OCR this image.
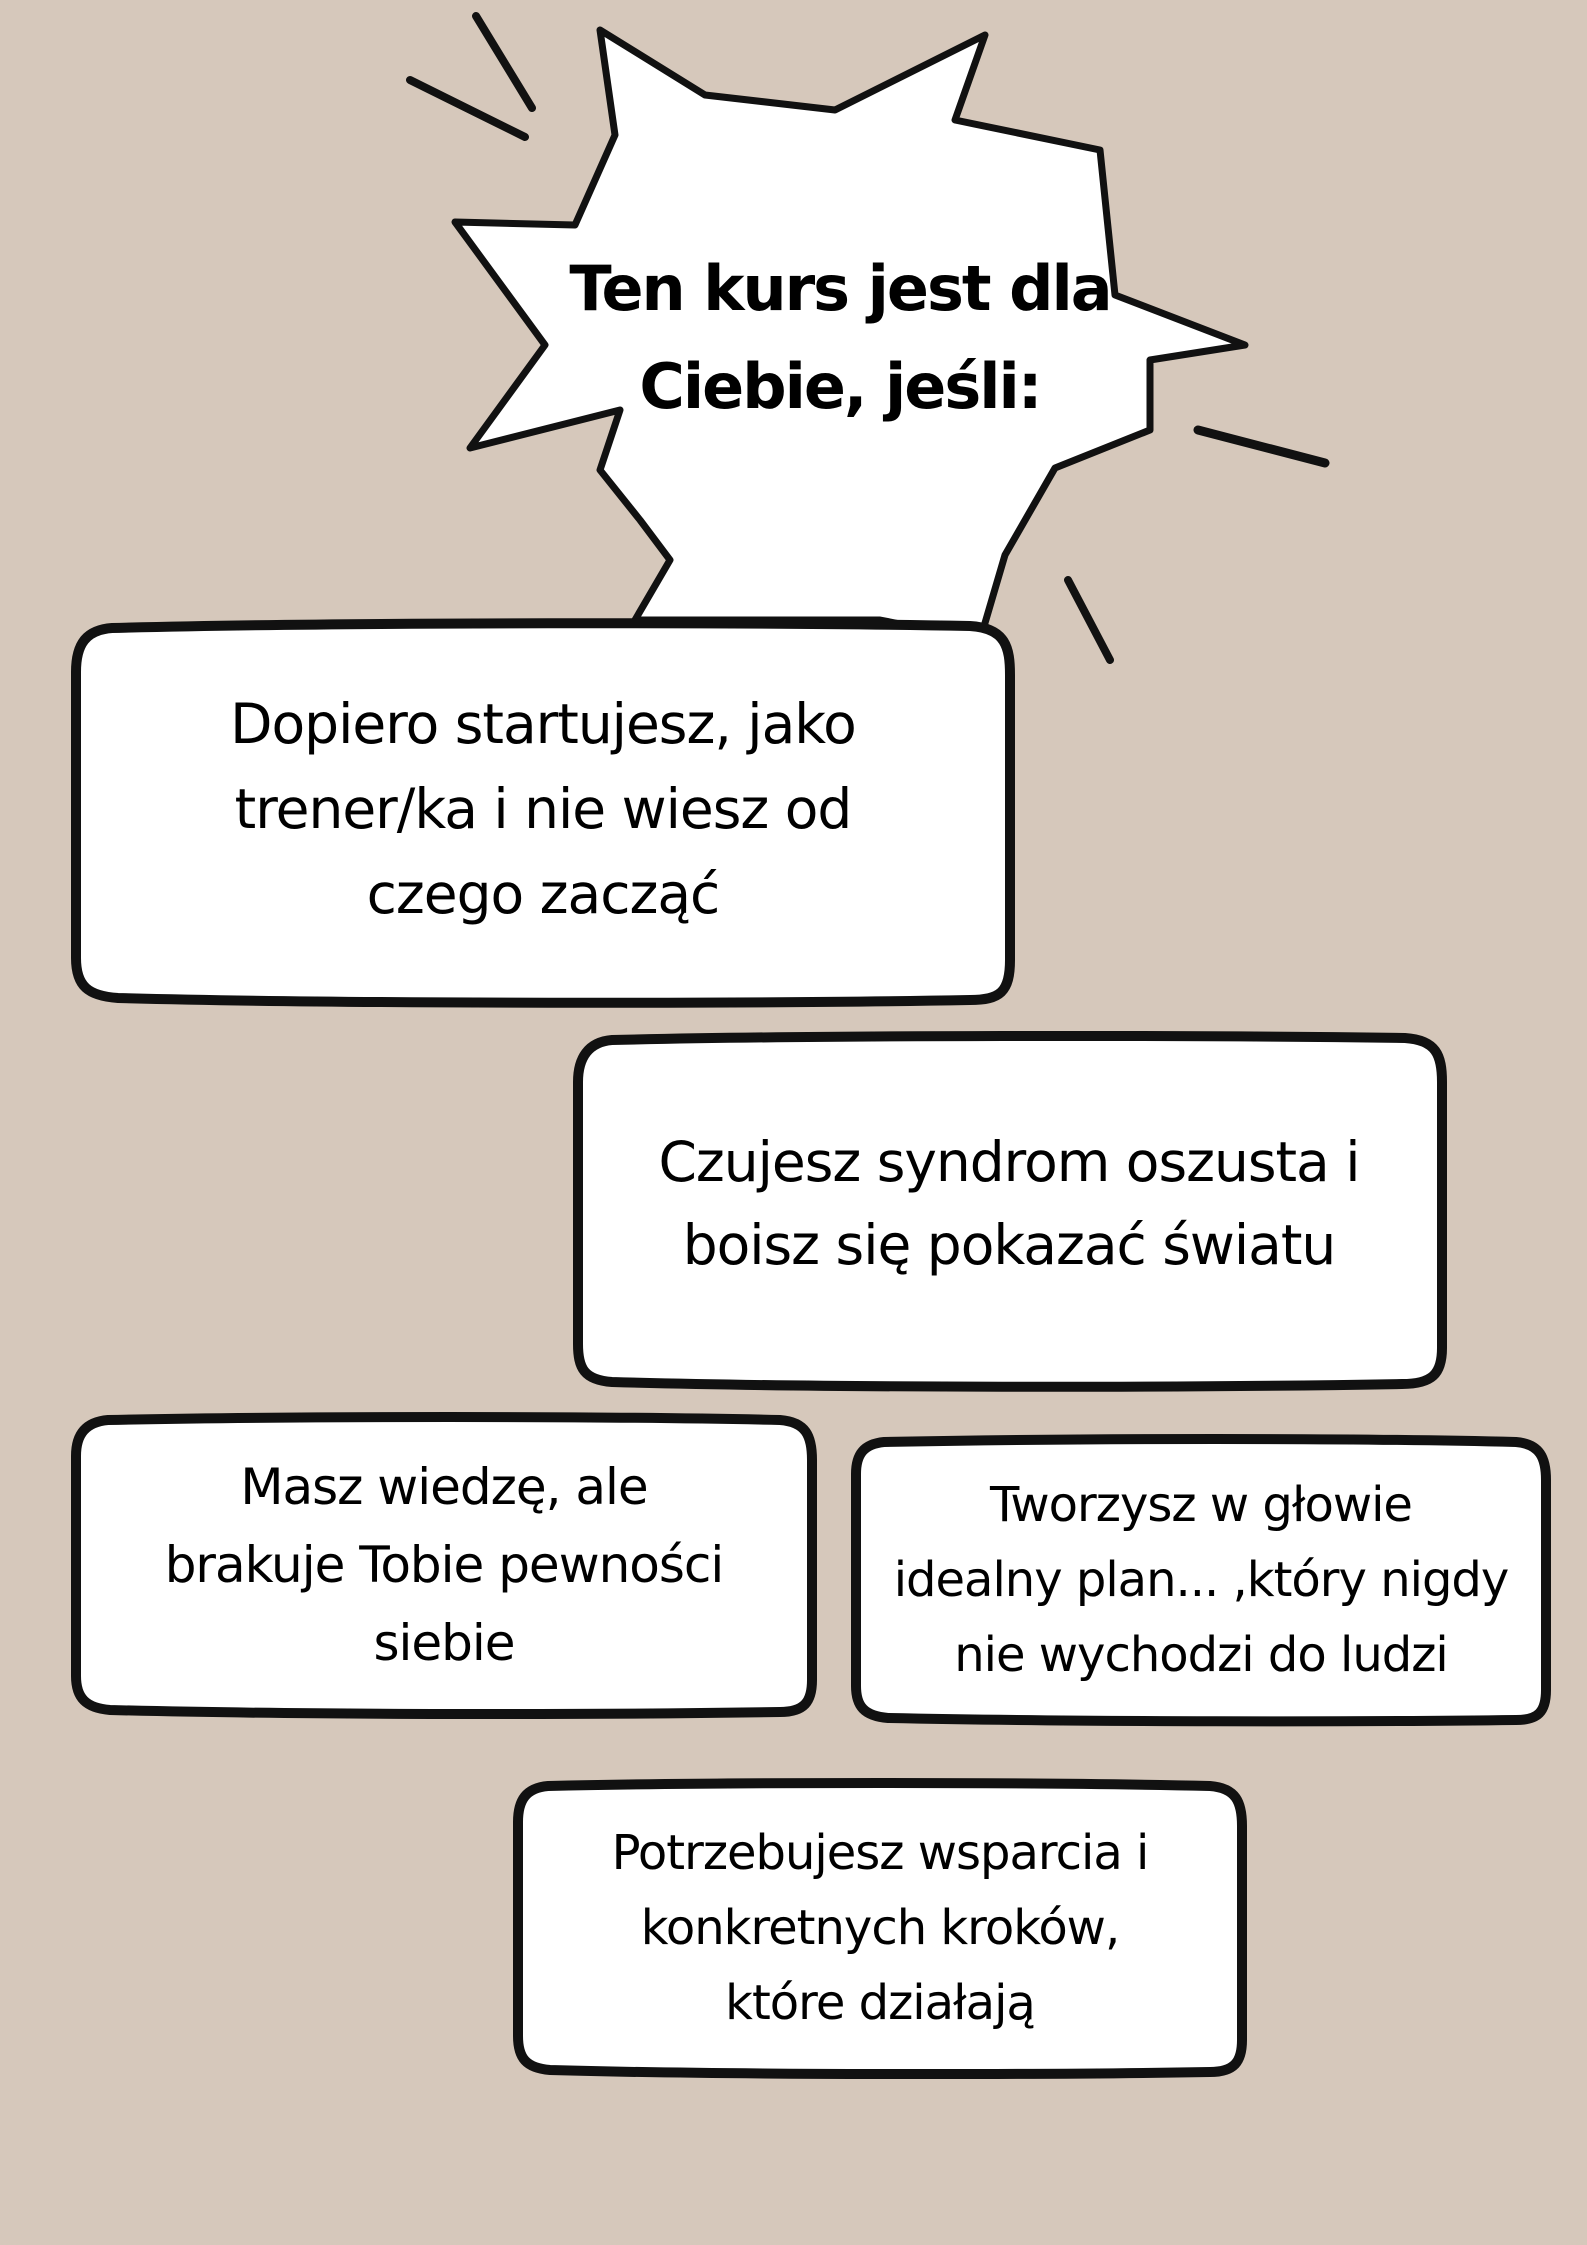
Ten kurs jest dla
Ciebie, jeśli:

Dopiero startujesz, jako
trener/ka i nie wiesz od
czego zacząć

Czujesz syndrom oszusta i
boisz się pokazać światu

Masz wiedzę, ale
brakuje Tobie pewności
siebie

Tworzysz w głowie
idealny plan... ,który nigdy
nie wychodzi do ludzi

Potrzebujesz wsparcia i
konkretnych kroków,
które działają
